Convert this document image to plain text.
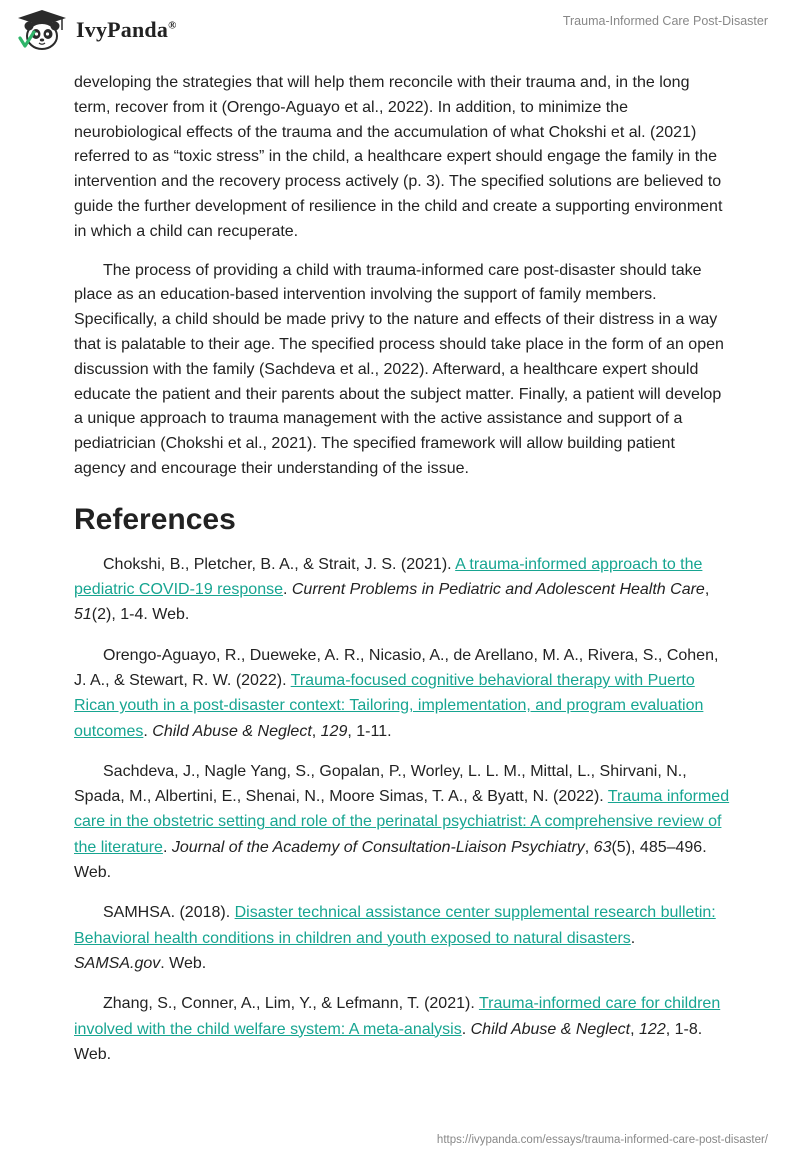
IvyPanda®	Trauma-Informed Care Post-Disaster

developing the strategies that will help them reconcile with their trauma and, in the long term, recover from it (Orengo-Aguayo et al., 2022). In addition, to minimize the neurobiological effects of the trauma and the accumulation of what Chokshi et al. (2021) referred to as “toxic stress” in the child, a healthcare expert should engage the family in the intervention and the recovery process actively (p. 3). The specified solutions are believed to guide the further development of resilience in the child and create a supporting environment in which a child can recuperate.

The process of providing a child with trauma-informed care post-disaster should take place as an education-based intervention involving the support of family members. Specifically, a child should be made privy to the nature and effects of their distress in a way that is palatable to their age. The specified process should take place in the form of an open discussion with the family (Sachdeva et al., 2022). Afterward, a healthcare expert should educate the patient and their parents about the subject matter. Finally, a patient will develop a unique approach to trauma management with the active assistance and support of a pediatrician (Chokshi et al., 2021). The specified framework will allow building patient agency and encourage their understanding of the issue.

References

Chokshi, B., Pletcher, B. A., & Strait, J. S. (2021). A trauma-informed approach to the pediatric COVID-19 response. Current Problems in Pediatric and Adolescent Health Care, 51(2), 1-4. Web.

Orengo-Aguayo, R., Dueweke, A. R., Nicasio, A., de Arellano, M. A., Rivera, S., Cohen, J. A., & Stewart, R. W. (2022). Trauma-focused cognitive behavioral therapy with Puerto Rican youth in a post-disaster context: Tailoring, implementation, and program evaluation outcomes. Child Abuse & Neglect, 129, 1-11.

Sachdeva, J., Nagle Yang, S., Gopalan, P., Worley, L. L. M., Mittal, L., Shirvani, N., Spada, M., Albertini, E., Shenai, N., Moore Simas, T. A., & Byatt, N. (2022). Trauma informed care in the obstetric setting and role of the perinatal psychiatrist: A comprehensive review of the literature. Journal of the Academy of Consultation-Liaison Psychiatry, 63(5), 485–496. Web.

SAMHSA. (2018). Disaster technical assistance center supplemental research bulletin: Behavioral health conditions in children and youth exposed to natural disasters. SAMSA.gov. Web.

Zhang, S., Conner, A., Lim, Y., & Lefmann, T. (2021). Trauma-informed care for children involved with the child welfare system: A meta-analysis. Child Abuse & Neglect, 122, 1-8. Web.

https://ivypanda.com/essays/trauma-informed-care-post-disaster/
